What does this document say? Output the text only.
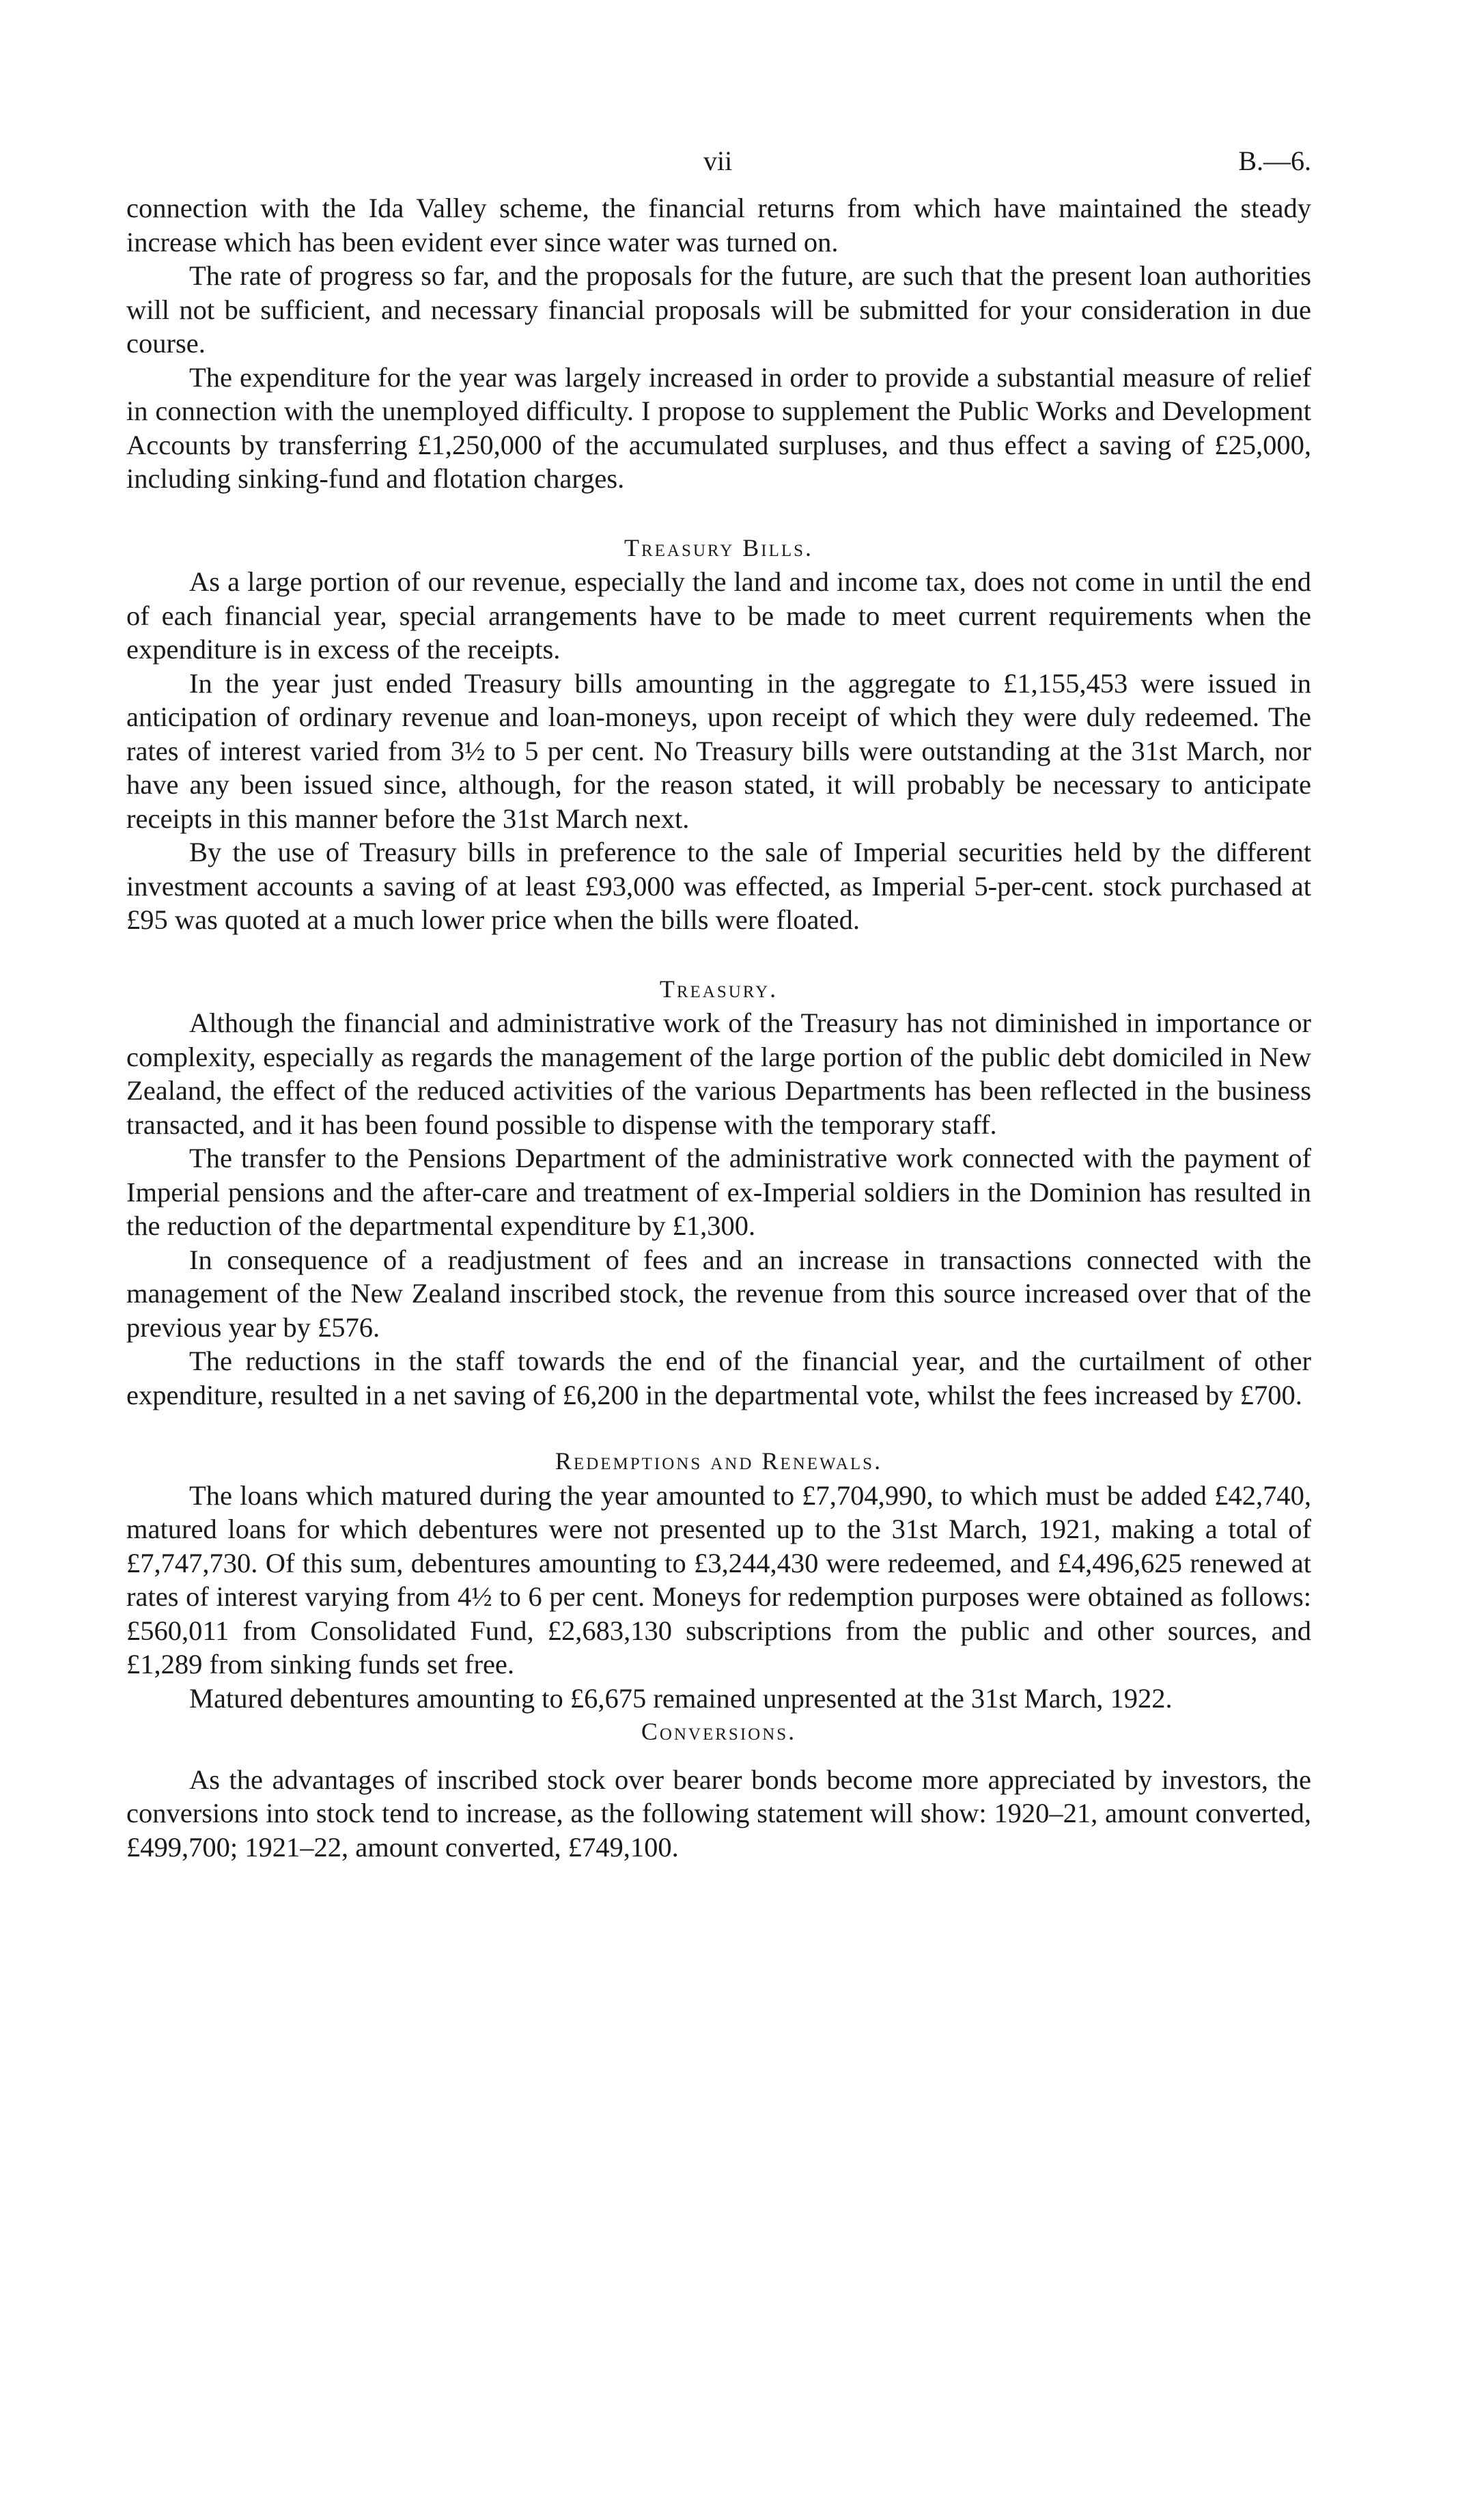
vii	B.—6.

connection with the Ida Valley scheme, the financial returns from which have maintained the steady increase which has been evident ever since water was turned on.

The rate of progress so far, and the proposals for the future, are such that the present loan authorities will not be sufficient, and necessary financial proposals will be submitted for your consideration in due course.

The expenditure for the year was largely increased in order to provide a substantial measure of relief in connection with the unemployed difficulty. I propose to supplement the Public Works and Development Accounts by transferring £1,250,000 of the accumulated surpluses, and thus effect a saving of £25,000, including sinking-fund and flotation charges.

Treasury Bills.

As a large portion of our revenue, especially the land and income tax, does not come in until the end of each financial year, special arrangements have to be made to meet current requirements when the expenditure is in excess of the receipts.

In the year just ended Treasury bills amounting in the aggregate to £1,155,453 were issued in anticipation of ordinary revenue and loan-moneys, upon receipt of which they were duly redeemed. The rates of interest varied from 3½ to 5 per cent. No Treasury bills were outstanding at the 31st March, nor have any been issued since, although, for the reason stated, it will probably be necessary to anticipate receipts in this manner before the 31st March next.

By the use of Treasury bills in preference to the sale of Imperial securities held by the different investment accounts a saving of at least £93,000 was effected, as Imperial 5-per-cent. stock purchased at £95 was quoted at a much lower price when the bills were floated.

Treasury.

Although the financial and administrative work of the Treasury has not diminished in importance or complexity, especially as regards the management of the large portion of the public debt domiciled in New Zealand, the effect of the reduced activities of the various Departments has been reflected in the business transacted, and it has been found possible to dispense with the temporary staff.

The transfer to the Pensions Department of the administrative work connected with the payment of Imperial pensions and the after-care and treatment of ex-Imperial soldiers in the Dominion has resulted in the reduction of the departmental expenditure by £1,300.

In consequence of a readjustment of fees and an increase in transactions connected with the management of the New Zealand inscribed stock, the revenue from this source increased over that of the previous year by £576.

The reductions in the staff towards the end of the financial year, and the curtailment of other expenditure, resulted in a net saving of £6,200 in the departmental vote, whilst the fees increased by £700.

Redemptions and Renewals.

The loans which matured during the year amounted to £7,704,990, to which must be added £42,740, matured loans for which debentures were not presented up to the 31st March, 1921, making a total of £7,747,730. Of this sum, debentures amounting to £3,244,430 were redeemed, and £4,496,625 renewed at rates of interest varying from 4½ to 6 per cent. Moneys for redemption purposes were obtained as follows: £560,011 from Consolidated Fund, £2,683,130 subscriptions from the public and other sources, and £1,289 from sinking funds set free.

Matured debentures amounting to £6,675 remained unpresented at the 31st March, 1922.

Conversions.

As the advantages of inscribed stock over bearer bonds become more appreciated by investors, the conversions into stock tend to increase, as the following statement will show: 1920–21, amount converted, £499,700; 1921–22, amount converted, £749,100.
